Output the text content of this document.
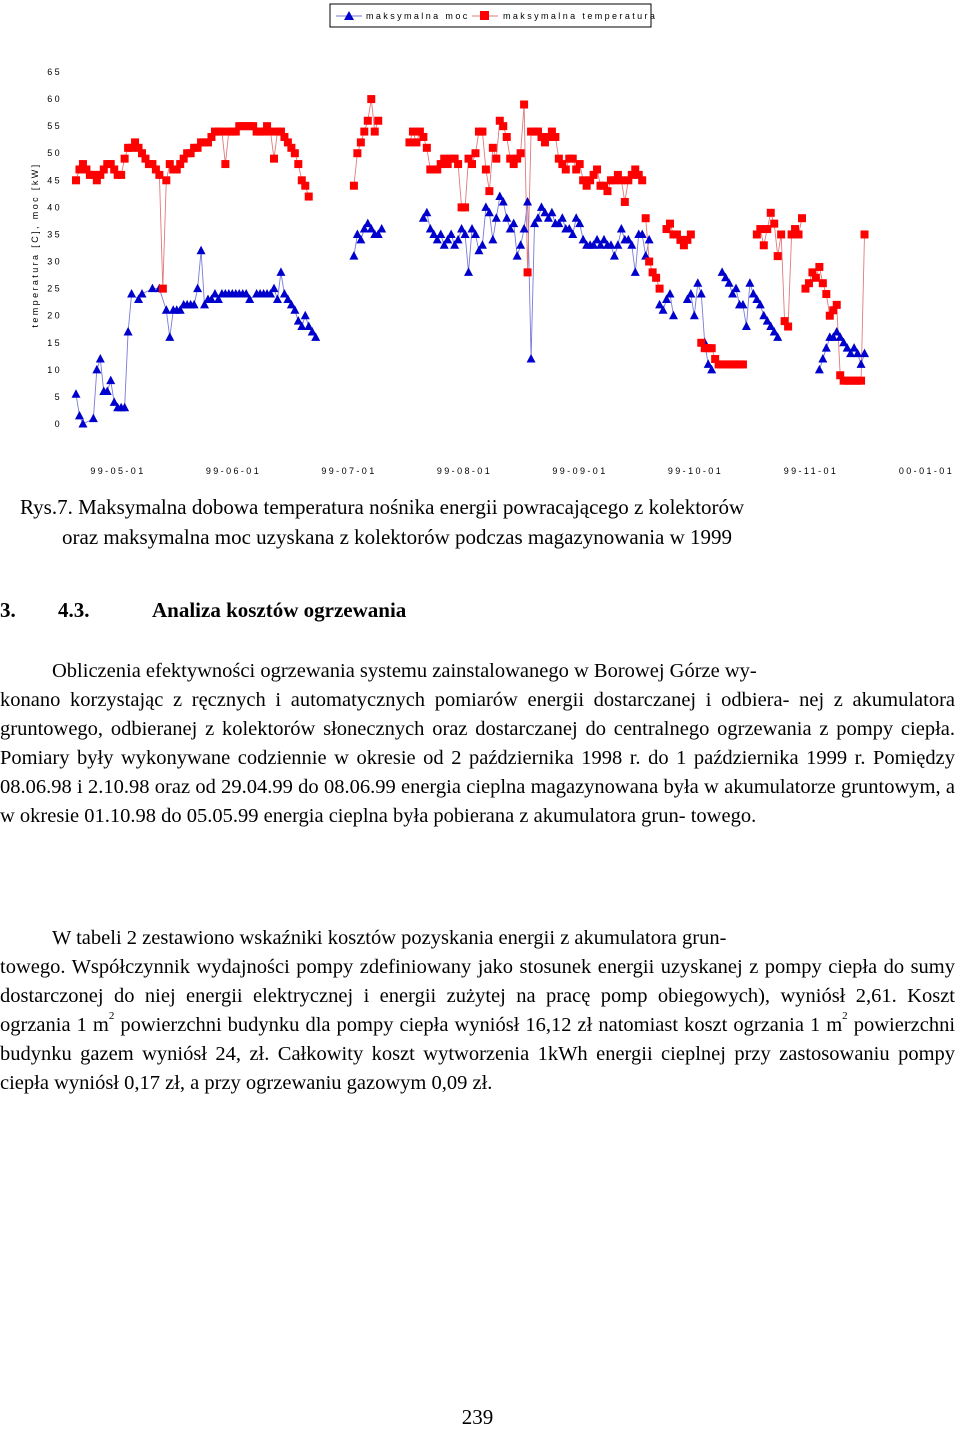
maksymalna moc	maksymalna temperatura
temperatura [C], moc [kW]
0
5
10
15
20
25
30
35
40
45
50
55
60
65
99-05-01	99-06-01	99-07-01	99-08-01	99-09-01	99-10-01	99-11-01	00-01-01
Rys.7. Maksymalna dobowa temperatura nośnika energii powracającego z kolektorów
oraz maksymalna moc uzyskana z kolektorów podczas magazynowania w 1999
3. 4.3.	Analiza kosztów ogrzewania
Obliczenia efektywności ogrzewania systemu zainstalowanego w Borowej Górze wy-
konano korzystając z ręcznych i automatycznych pomiarów energii dostarczanej i odbiera- nej z akumulatora gruntowego, odbieranej z kolektorów słonecznych oraz dostarczanej do centralnego ogrzewania z pompy ciepła. Pomiary były wykonywane codziennie w okresie od 2 października 1998 r. do 1 października 1999 r. Pomiędzy 08.06.98 i 2.10.98 oraz od 29.04.99 do 08.06.99 energia cieplna magazynowana była w akumulatorze gruntowym, a w okresie 01.10.98 do 05.05.99 energia cieplna była pobierana z akumulatora grun- towego.
W tabeli 2 zestawiono wskaźniki kosztów pozyskania energii z akumulatora grun-
towego. Współczynnik wydajności pompy zdefiniowany jako stosunek energii uzyskanej z pompy ciepła do sumy dostarczonej do niej energii elektrycznej i energii zużytej na pracę pomp obiegowych), wyniósł 2,61. Koszt ogrzania 1 $m^2$ powierzchni budynku dla pompy ciepła wyniósł 16,12 zł natomiast koszt ogrzania 1 $m^2$ powierzchni budynku gazem wyniósł 24, zł. Całkowity koszt wytworzenia 1kWh energii cieplnej przy zastosowaniu pompy ciepła wyniósł 0,17 zł, a przy ogrzewaniu gazowym 0,09 zł.
239
